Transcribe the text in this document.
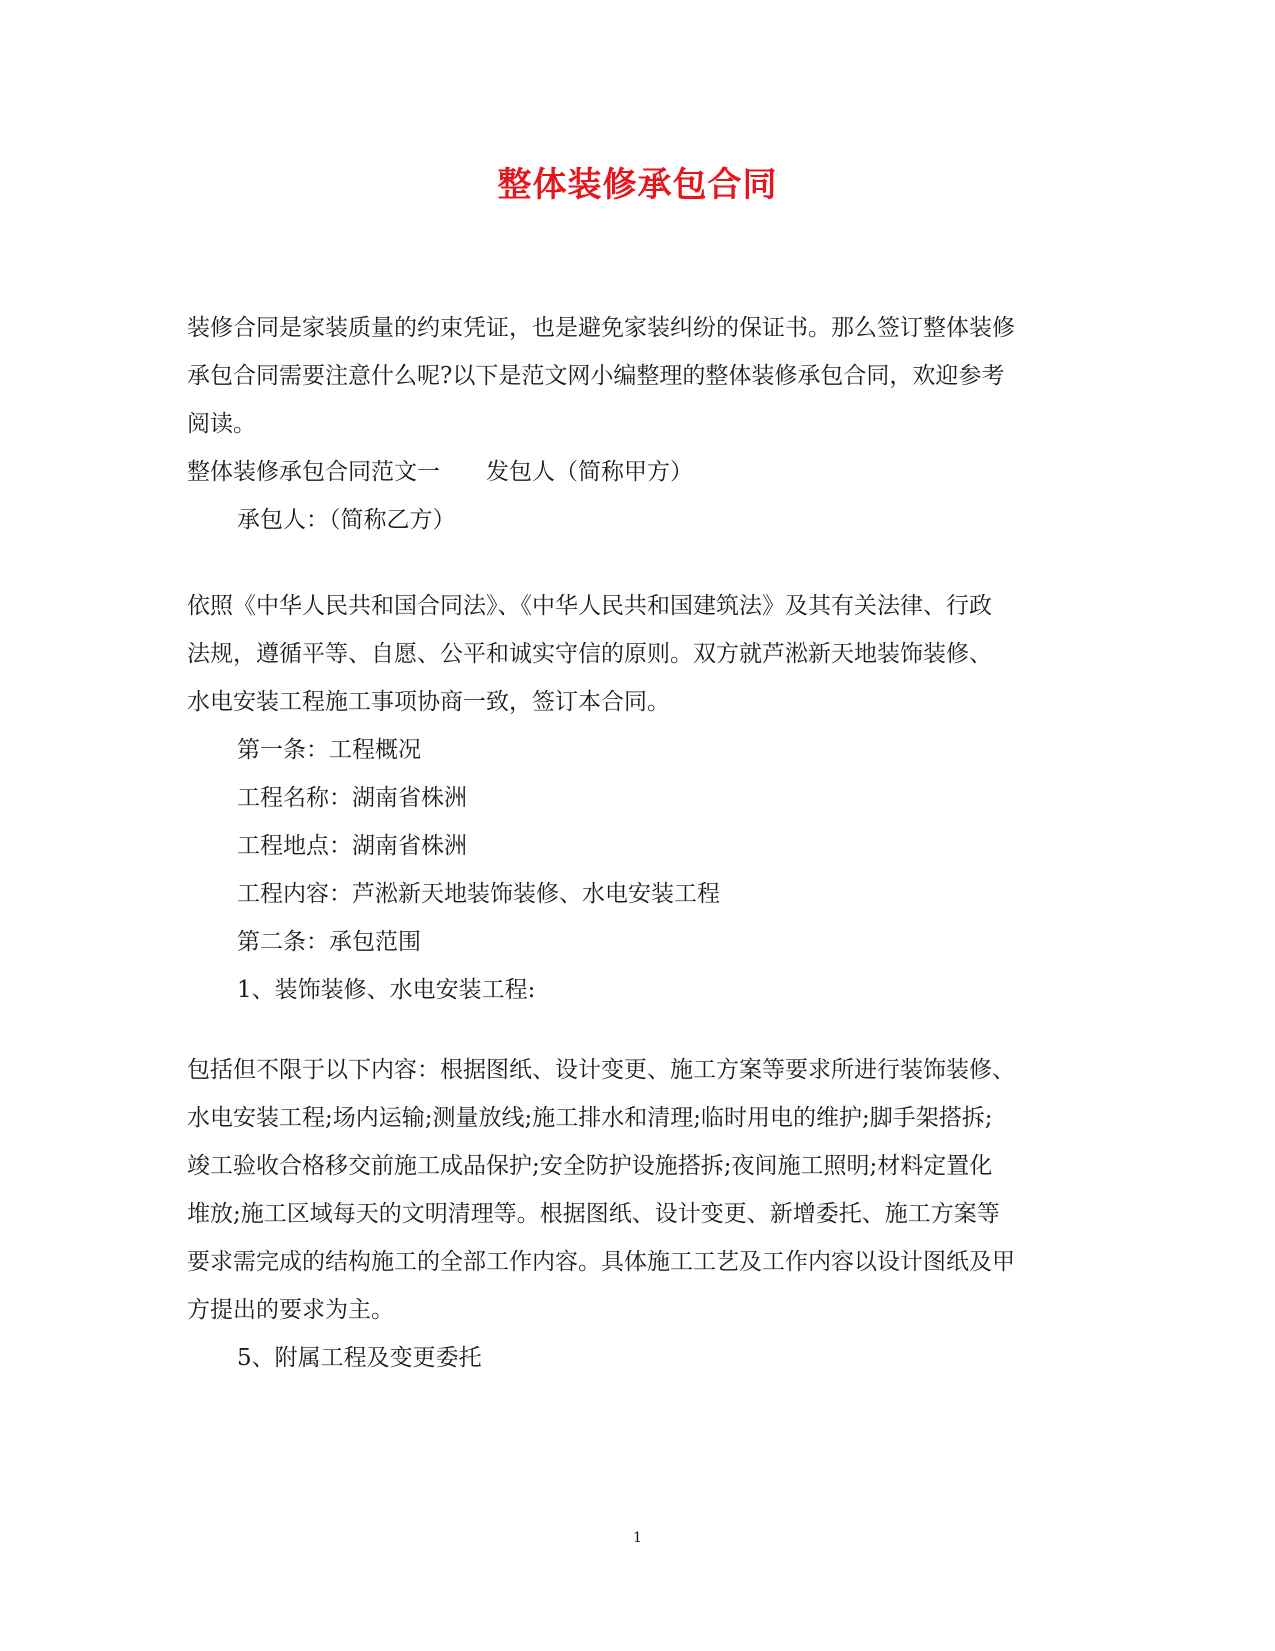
整体装修承包合同
装修合同是家装质量的约束凭证，也是避免家装纠纷的保证书。那么签订整体装修
承包合同需要注意什么呢?以下是范文网小编整理的整体装修承包合同，欢迎参考
阅读。
整体装修承包合同范文一　　发包人（简称甲方）
承包人：（简称乙方）
依照《中华人民共和国合同法》、《中华人民共和国建筑法》及其有关法律、行政
法规，遵循平等、自愿、公平和诚实守信的原则。双方就芦淞新天地装饰装修、
水电安装工程施工事项协商一致，签订本合同。
第一条：工程概况
工程名称：湖南省株洲
工程地点：湖南省株洲
工程内容：芦淞新天地装饰装修、水电安装工程
第二条：承包范围
1、装饰装修、水电安装工程:
包括但不限于以下内容：根据图纸、设计变更、施工方案等要求所进行装饰装修、
水电安装工程;场内运输;测量放线;施工排水和清理;临时用电的维护;脚手架搭拆;
竣工验收合格移交前施工成品保护;安全防护设施搭拆;夜间施工照明;材料定置化
堆放;施工区域每天的文明清理等。根据图纸、设计变更、新增委托、施工方案等
要求需完成的结构施工的全部工作内容。具体施工工艺及工作内容以设计图纸及甲
方提出的要求为主。
5、附属工程及变更委托
1
